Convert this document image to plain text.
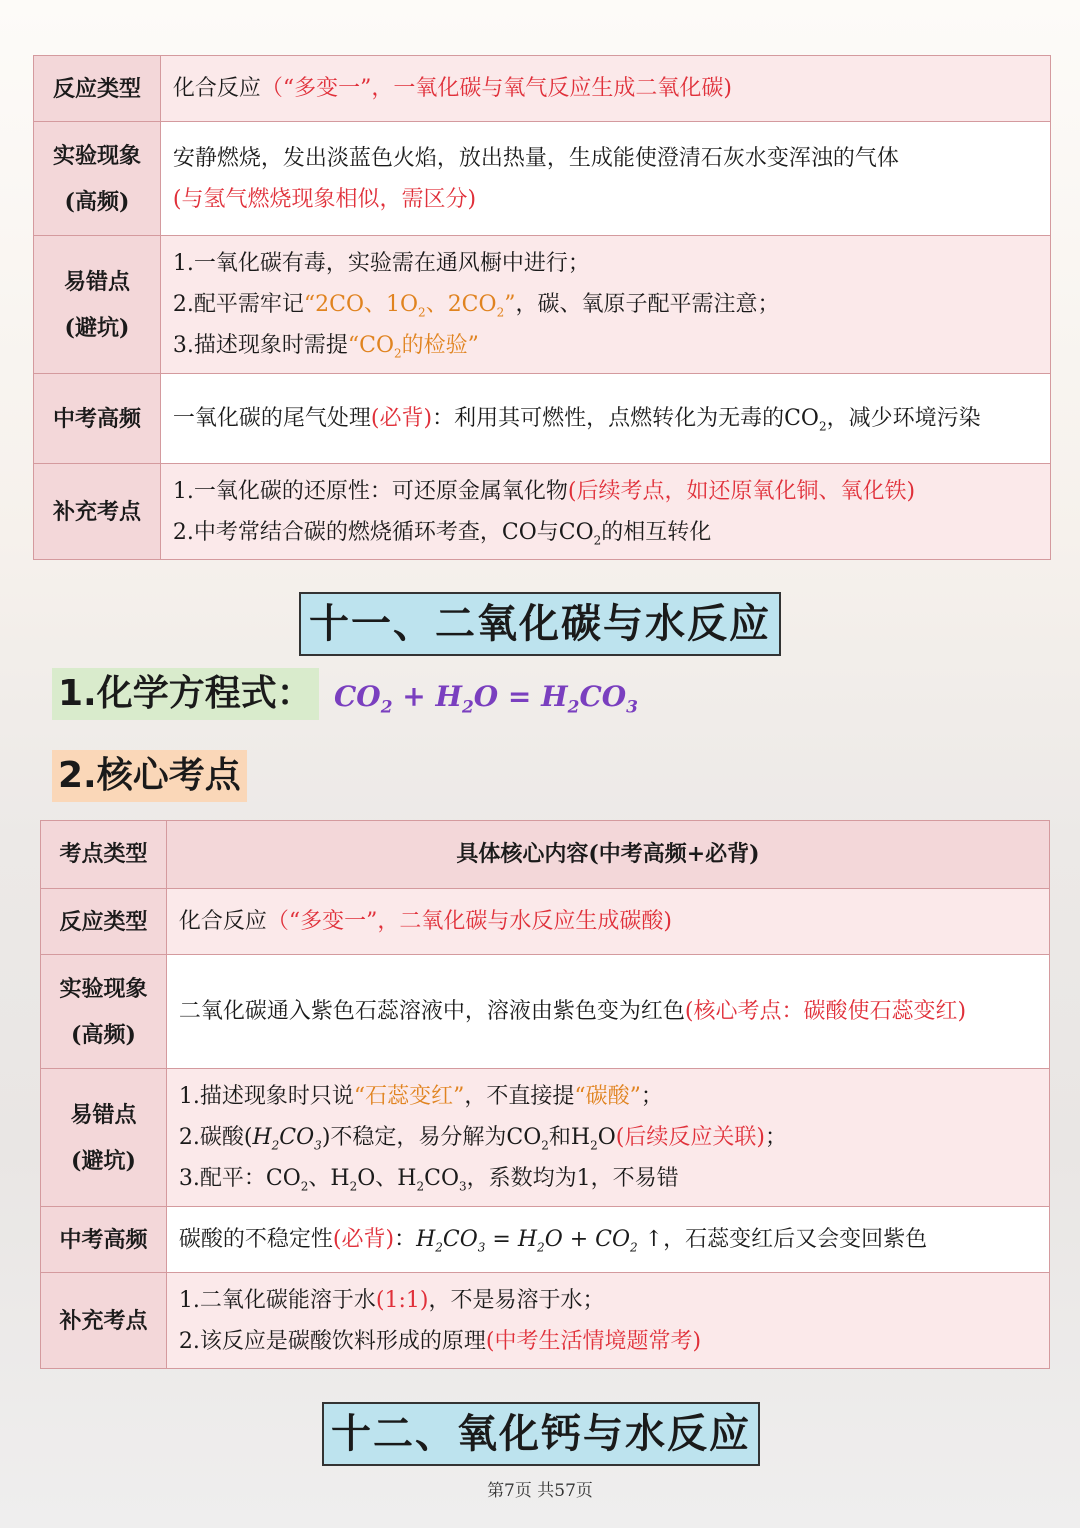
反应类型	化合反应（“多变一”，一氧化碳与氧气反应生成二氧化碳)

实验现象
(高频)	安静燃烧，发出淡蓝色火焰，放出热量，生成能使澄清石灰水变浑浊的气体
(与氢气燃烧现象相似，需区分)

易错点
(避坑)	1.一氧化碳有毒，实验需在通风橱中进行；
2.配平需牢记“2CO、$1O_2$、$2CO_2$”，碳、氧原子配平需注意；
3.描述现象时需提“$CO_2$的检验”

中考高频	一氧化碳的尾气处理(必背)：利用其可燃性，点燃转化为无毒的$CO_2$，减少环境污染
补充考点	1.一氧化碳的还原性：可还原金属氧化物(后续考点，如还原氧化铜、氧化铁)
2.中考常结合碳的燃烧循环考查，CO与$CO_2$的相互转化
十一、二氧化碳与水反应
1.化学方程式： $CO_2 + H_2O = H_2CO_3$
2.核心考点
考点类型	具体核心内容(中考高频+必背)
反应类型	化合反应（“多变一”，二氧化碳与水反应生成碳酸)

实验现象
(高频)	二氧化碳通入紫色石蕊溶液中，溶液由紫色变为红色(核心考点：碳酸使石蕊变红)

易错点
(避坑)	1.描述现象时只说“石蕊变红”，不直接提“碳酸”；
2.碳酸$(H_2CO_3)$不稳定，易分解为$CO_2$和$H_2O$(后续反应关联)；
3.配平：$CO_2$、$H_2O$、$H_2CO_3$，系数均为1，不易错

中考高频	碳酸的不稳定性(必背)：$H_2CO_3 = H_2O + CO_2$ ↑，石蕊变红后又会变回紫色
补充考点	1.二氧化碳能溶于水(1:1)，不是易溶于水；
2.该反应是碳酸饮料形成的原理(中考生活情境题常考)
十二、氧化钙与水反应
第7页 共57页
